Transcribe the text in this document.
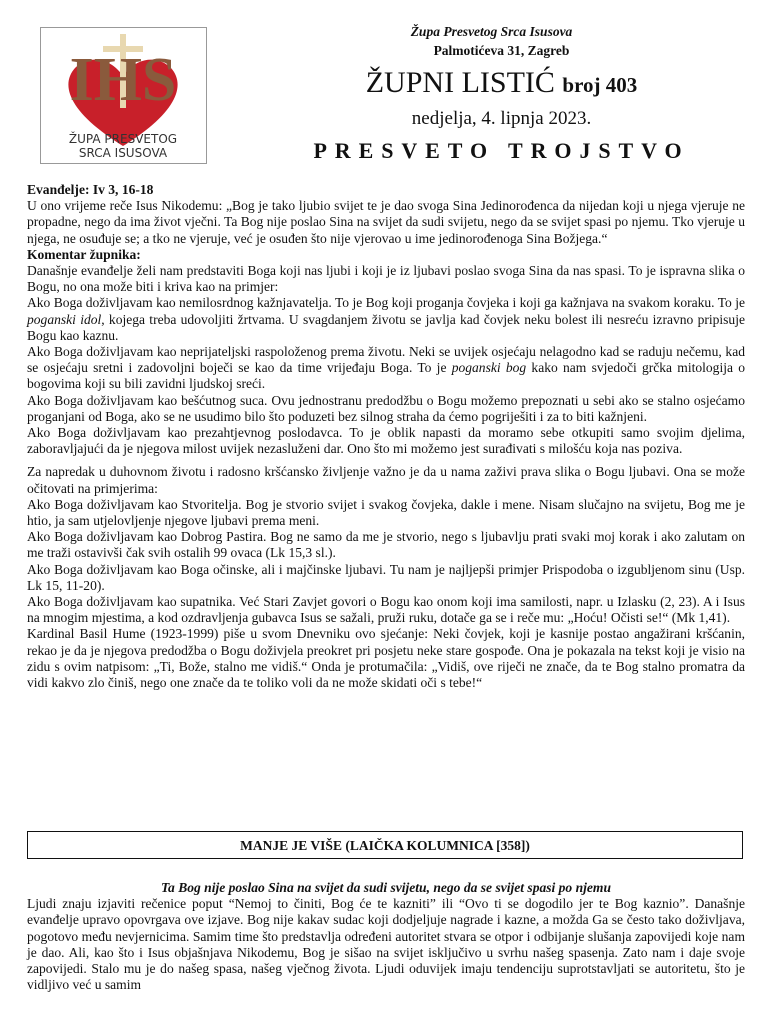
IHS
ŽUPA PRESVETOG
SRCA ISUSOVA
Župa Presvetog Srca Isusova
Palmotićeva 31, Zagreb
ŽUPNI LISTIĆ broj 403
nedjelja, 4. lipnja 2023.
PRESVETO TROJSTVO

Evanđelje: Iv 3, 16-18

U ono vrijeme reče Isus Nikodemu: „Bog je tako ljubio svijet te je dao svoga Sina Jedinorođenca da nijedan koji u njega vjeruje ne propadne, nego da ima život vječni. Ta Bog nije poslao Sina na svijet da sudi svijetu, nego da se svijet spasi po njemu. Tko vjeruje u njega, ne osuđuje se; a tko ne vjeruje, već je osuđen što nije vjerovao u ime jedinorođenoga Sina Božjega.“

Komentar župnika:

Današnje evanđelje želi nam predstaviti Boga koji nas ljubi i koji je iz ljubavi poslao svoga Sina da nas spasi. To je ispravna slika o Bogu, no ona može biti i kriva kao na primjer:

Ako Boga doživljavam kao nemilosrdnog kažnjavatelja. To je Bog koji proganja čovjeka i koji ga kažnjava na svakom koraku. To je poganski idol, kojega treba udovoljiti žrtvama. U svagdanjem životu se javlja kad čovjek neku bolest ili nesreću izravno pripisuje Bogu kao kaznu.

Ako Boga doživljavam kao neprijateljski raspoloženog prema životu. Neki se uvijek osjećaju nelagodno kad se raduju nečemu, kad se osjećaju sretni i zadovoljni boječi se kao da time vrijeđaju Boga. To je poganski bog kako nam svjedoči grčka mitologija o bogovima koji su bili zavidni ljudskoj sreći.

Ako Boga doživljavam kao bešćutnog suca. Ovu jednostranu predodžbu o Bogu možemo prepoznati u sebi ako se stalno osjećamo proganjani od Boga, ako se ne usudimo bilo što poduzeti bez silnog straha da ćemo pogriješiti i za to biti kažnjeni.

Ako Boga doživljavam kao prezahtjevnog poslodavca. To je oblik napasti da moramo sebe otkupiti samo svojim djelima, zaboravljajući da je njegova milost uvijek nezasluženi dar. Ono što mi možemo jest surađivati s milošću koja nas poziva.

Za napredak u duhovnom životu i radosno kršćansko življenje važno je da u nama zaživi prava slika o Bogu ljubavi. Ona se može očitovati na primjerima:

Ako Boga doživljavam kao Stvoritelja. Bog je stvorio svijet i svakog čovjeka, dakle i mene. Nisam slučajno na svijetu, Bog me je htio, ja sam utjelovljenje njegove ljubavi prema meni.

Ako Boga doživljavam kao Dobrog Pastira. Bog ne samo da me je stvorio, nego s ljubavlju prati svaki moj korak i ako zalutam on me traži ostavivši čak svih ostalih 99 ovaca (Lk 15,3 sl.).

Ako Boga doživljavam kao Boga očinske, ali i majčinske ljubavi. Tu nam je najljepši primjer Prispodoba o izgubljenom sinu (Usp. Lk 15, 11-20).

Ako Boga doživljavam kao supatnika. Već Stari Zavjet govori o Bogu kao onom koji ima samilosti, napr. u Izlasku (2, 23). A i Isus na mnogim mjestima, a kod ozdravljenja gubavca Isus se sažali, pruži ruku, dotače ga se i reče mu: „Hoću! Očisti se!“ (Mk 1,41).

Kardinal Basil Hume (1923-1999) piše u svom Dnevniku ovo sjećanje: Neki čovjek, koji je kasnije postao angažirani kršćanin, rekao je da je njegova predodžba o Bogu doživjela preokret pri posjetu neke stare gospođe. Ona je pokazala na tekst koji je visio na zidu s ovim natpisom: „Ti, Bože, stalno me vidiš.“ Onda je protumačila: „Vidiš, ove riječi ne znače, da te Bog stalno promatra da vidi kakvo zlo činiš, nego one znače da te toliko voli da ne može skidati oči s tebe!“

MANJE JE VIŠE (LAIČKA KOLUMNICA [358])

Ta Bog nije poslao Sina na svijet da sudi svijetu, nego da se svijet spasi po njemu

Ljudi znaju izjaviti rečenice poput “Nemoj to činiti, Bog će te kazniti” ili “Ovo ti se dogodilo jer te Bog kaznio”. Današnje evanđelje upravo opovrgava ove izjave. Bog nije kakav sudac koji dodjeljuje nagrade i kazne, a možda Ga se često tako doživljava, pogotovo među nevjernicima. Samim time što predstavlja određeni autoritet stvara se otpor i odbijanje slušanja zapovijedi koje nam je dao. Ali, kao što i Isus objašnjava Nikodemu, Bog je sišao na svijet isključivo u svrhu našeg spasenja. Zato nam i daje svoje zapovijedi. Stalo mu je do našeg spasa, našeg vječnog života. Ljudi oduvijek imaju tendenciju suprotstavljati se autoritetu, što je vidljivo već u samim
